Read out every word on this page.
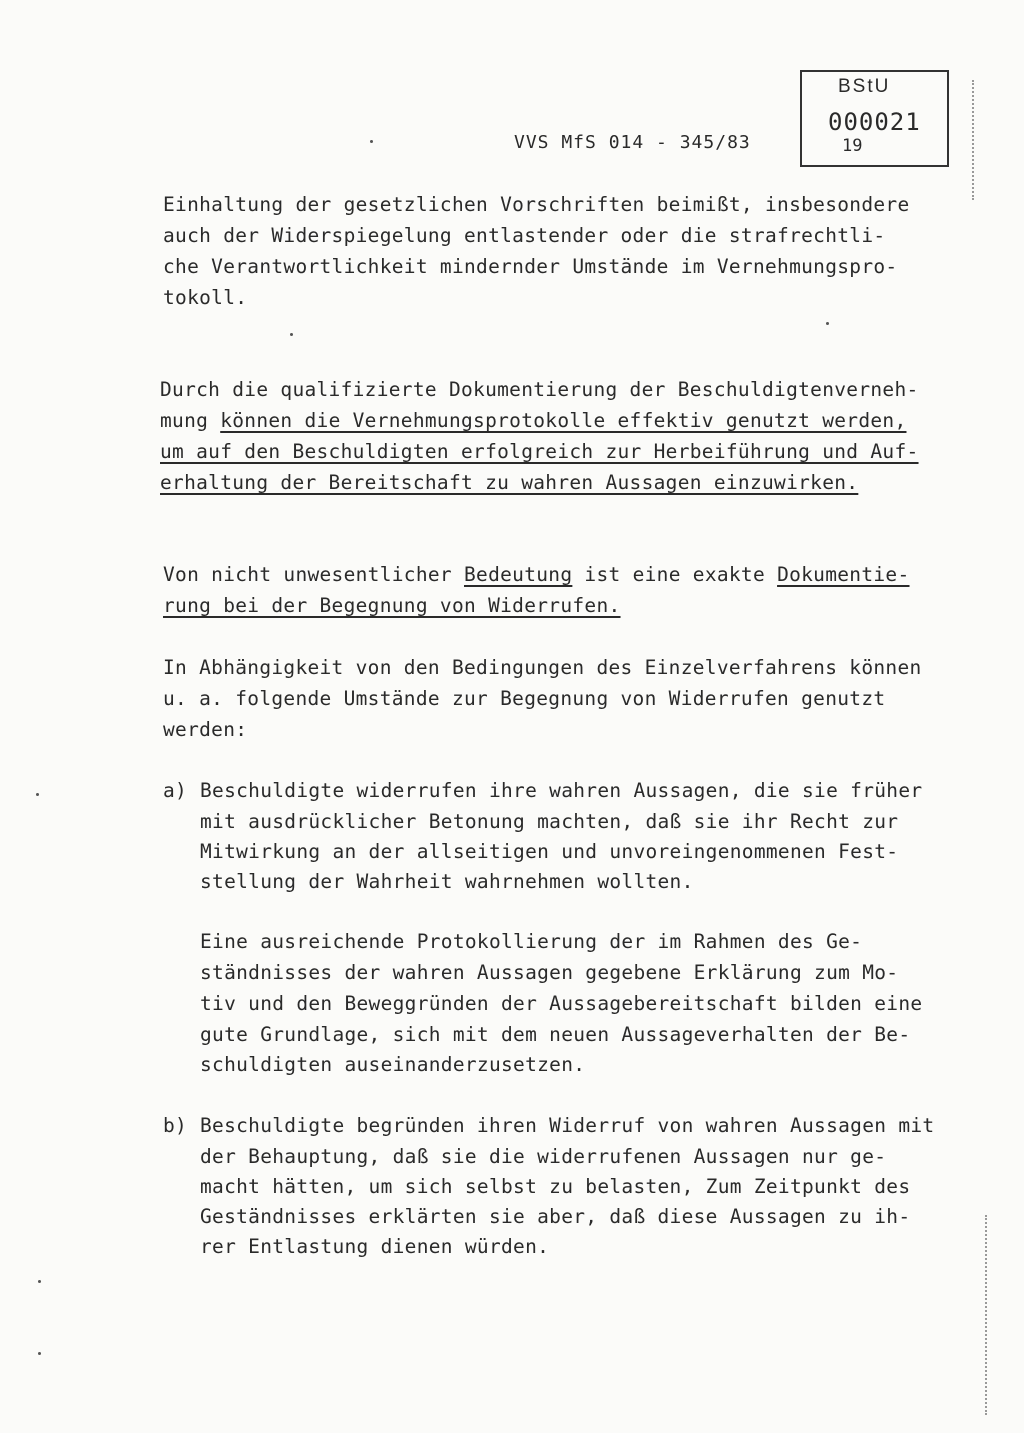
VVS MfS 014 - 345/83
BStU
000021
19
Einhaltung der gesetzlichen Vorschriften beimißt, insbesondere
auch der Widerspiegelung entlastender oder die strafrechtli-
che Verantwortlichkeit mindernder Umstände im Vernehmungspro-
tokoll.
Durch die qualifizierte Dokumentierung der Beschuldigtenverneh-
mung können die Vernehmungsprotokolle effektiv genutzt werden,
um auf den Beschuldigten erfolgreich zur Herbeiführung und Auf-
erhaltung der Bereitschaft zu wahren Aussagen einzuwirken.
Von nicht unwesentlicher Bedeutung ist eine exakte Dokumentie-
rung bei der Begegnung von Widerrufen.
In Abhängigkeit von den Bedingungen des Einzelverfahrens können
u. a. folgende Umstände zur Begegnung von Widerrufen genutzt
werden:
a) Beschuldigte widerrufen ihre wahren Aussagen, die sie früher
mit ausdrücklicher Betonung machten, daß sie ihr Recht zur
Mitwirkung an der allseitigen und unvoreingenommenen Fest-
stellung der Wahrheit wahrnehmen wollten.
Eine ausreichende Protokollierung der im Rahmen des Ge-
ständnisses der wahren Aussagen gegebene Erklärung zum Mo-
tiv und den Beweggründen der Aussagebereitschaft bilden eine
gute Grundlage, sich mit dem neuen Aussageverhalten der Be-
schuldigten auseinanderzusetzen.
b) Beschuldigte begründen ihren Widerruf von wahren Aussagen mit
der Behauptung, daß sie die widerrufenen Aussagen nur ge-
macht hätten, um sich selbst zu belasten, Zum Zeitpunkt des
Geständnisses erklärten sie aber, daß diese Aussagen zu ih-
rer Entlastung dienen würden.
